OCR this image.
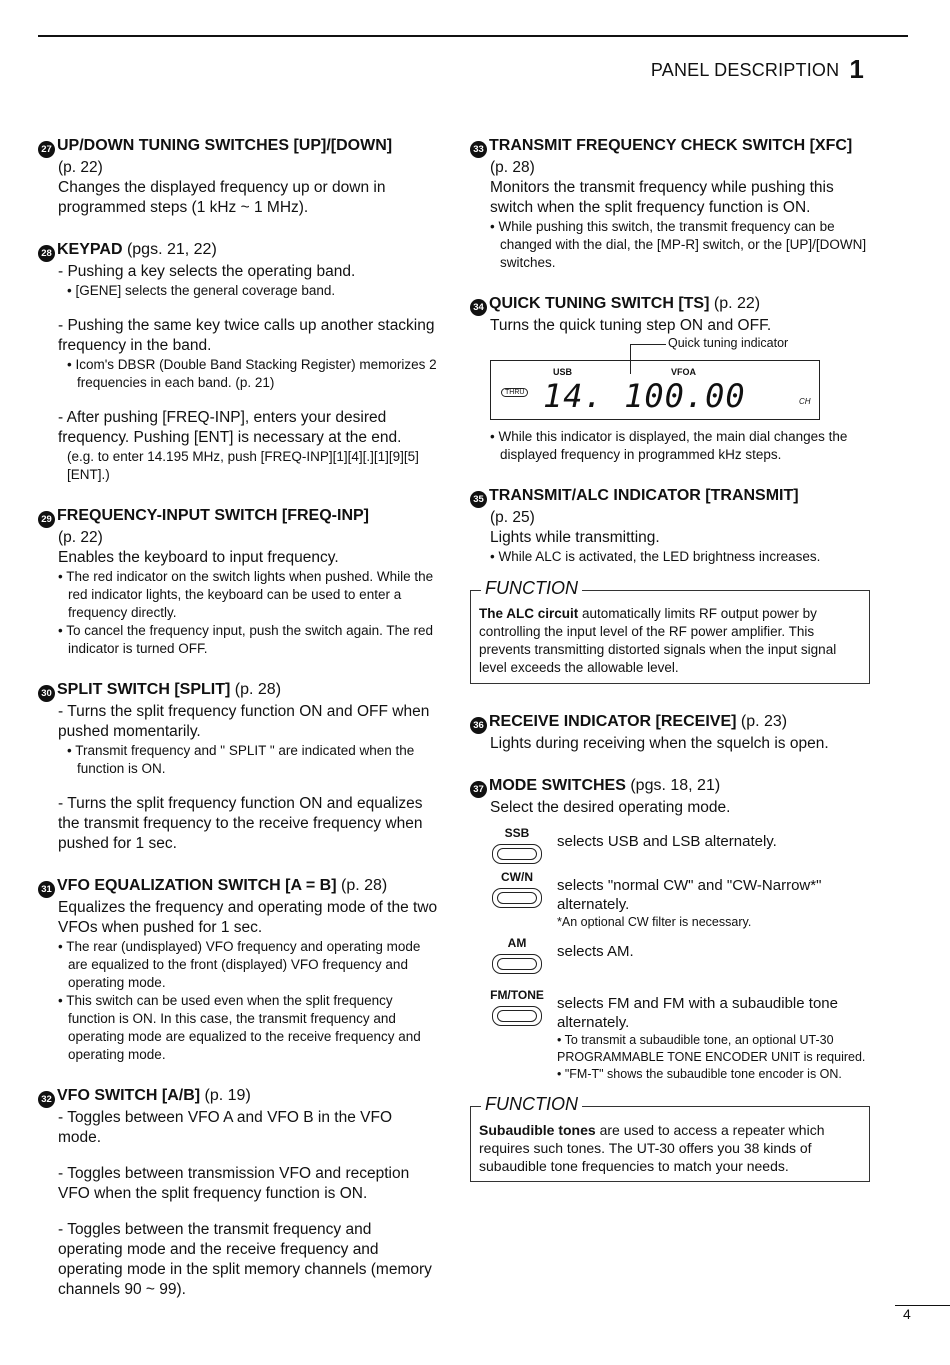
PANEL DESCRIPTION 1
27 UP/DOWN TUNING SWITCHES [UP]/[DOWN]
(p. 22)
Changes the displayed frequency up or down in programmed steps (1 kHz ~ 1 MHz).
28 KEYPAD (pgs. 21, 22)
- Pushing a key selects the operating band.
• [GENE] selects the general coverage band.
- Pushing the same key twice calls up another stacking frequency in the band.
• Icom's DBSR (Double Band Stacking Register) memorizes 2 frequencies in each band. (p. 21)
- After pushing [FREQ-INP], enters your desired frequency. Pushing [ENT] is necessary at the end.
(e.g. to enter 14.195 MHz, push [FREQ-INP][1][4][.][1][9][5][ENT].)
29 FREQUENCY-INPUT SWITCH [FREQ-INP]
(p. 22)
Enables the keyboard to input frequency.
• The red indicator on the switch lights when pushed. While the red indicator lights, the keyboard can be used to enter a frequency directly.
• To cancel the frequency input, push the switch again. The red indicator is turned OFF.
30 SPLIT SWITCH [SPLIT] (p. 28)
- Turns the split frequency function ON and OFF when pushed momentarily.
• Transmit frequency and " SPLIT " are indicated when the function is ON.
- Turns the split frequency function ON and equalizes the transmit frequency to the receive frequency when pushed for 1 sec.
31 VFO EQUALIZATION SWITCH [A = B] (p. 28)
Equalizes the frequency and operating mode of the two VFOs when pushed for 1 sec.
• The rear (undisplayed) VFO frequency and operating mode are equalized to the front (displayed) VFO frequency and operating mode.
• This switch can be used even when the split frequency function is ON. In this case, the transmit frequency and operating mode are equalized to the receive frequency and operating mode.
32 VFO SWITCH [A/B] (p. 19)
- Toggles between VFO A and VFO B in the VFO mode.
- Toggles between transmission VFO and reception VFO when the split frequency function is ON.
- Toggles between the transmit frequency and operating mode and the receive frequency and operating mode in the split memory channels (memory channels 90 ~ 99).
33 TRANSMIT FREQUENCY CHECK SWITCH [XFC]
(p. 28)
Monitors the transmit frequency while pushing this switch when the split frequency function is ON.
• While pushing this switch, the transmit frequency can be changed with the dial, the [MP-R] switch, or the [UP]/[DOWN] switches.
34 QUICK TUNING SWITCH [TS] (p. 22)
Turns the quick tuning step ON and OFF.
Quick tuning indicator
USB	VFOA
THRU 14. 100.00	CH
• While this indicator is displayed, the main dial changes the displayed frequency in programmed kHz steps.
35 TRANSMIT/ALC INDICATOR [TRANSMIT]
(p. 25)
Lights while transmitting.
• While ALC is activated, the LED brightness increases.
FUNCTION
The ALC circuit automatically limits RF output power by controlling the input level of the RF power amplifier. This prevents transmitting distorted signals when the input signal level exceeds the allowable level.
36 RECEIVE INDICATOR [RECEIVE] (p. 23)
Lights during receiving when the squelch is open.
37 MODE SWITCHES (pgs. 18, 21)
Select the desired operating mode.
SSB	selects USB and LSB alternately.
CW/N	selects "normal CW" and "CW-Narrow*" alternately.
*An optional CW filter is necessary.
AM	selects AM.
FM/TONE selects FM and FM with a subaudible tone alternately.
• To transmit a subaudible tone, an optional UT-30 PROGRAMMABLE TONE ENCODER UNIT is required.
• "FM-T" shows the subaudible tone encoder is ON.
FUNCTION
Subaudible tones are used to access a repeater which requires such tones. The UT-30 offers you 38 kinds of subaudible tone frequencies to match your needs.
4
